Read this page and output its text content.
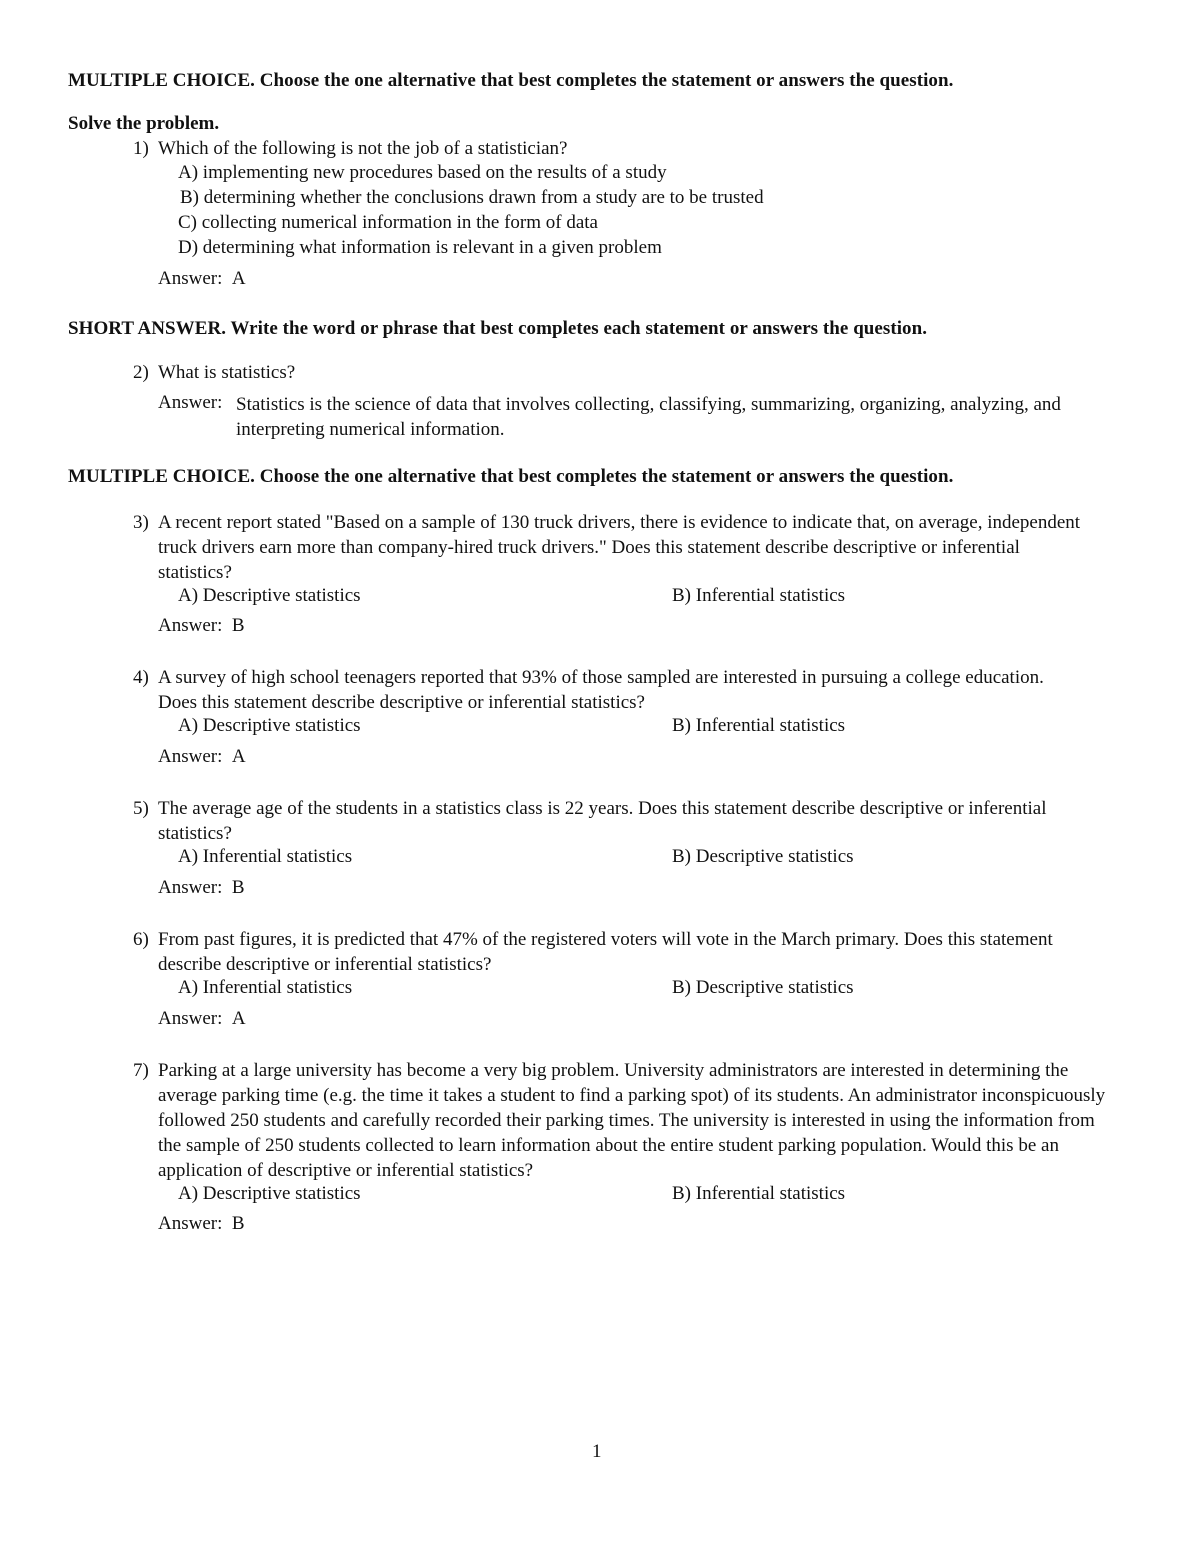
MULTIPLE CHOICE. Choose the one alternative that best completes the statement or answers the question.
Solve the problem.
1) Which of the following is not the job of a statistician?
A) implementing new procedures based on the results of a study
B) determining whether the conclusions drawn from a study are to be trusted
C) collecting numerical information in the form of data
D) determining what information is relevant in a given problem
Answer: A
SHORT ANSWER. Write the word or phrase that best completes each statement or answers the question.
2) What is statistics?
Answer: Statistics is the science of data that involves collecting, classifying, summarizing, organizing, analyzing, and interpreting numerical information.
MULTIPLE CHOICE. Choose the one alternative that best completes the statement or answers the question.
3) A recent report stated "Based on a sample of 130 truck drivers, there is evidence to indicate that, on average, independent truck drivers earn more than company-hired truck drivers." Does this statement describe descriptive or inferential statistics?
A) Descriptive statistics	B) Inferential statistics
Answer: B
4) A survey of high school teenagers reported that 93% of those sampled are interested in pursuing a college education. Does this statement describe descriptive or inferential statistics?
A) Descriptive statistics	B) Inferential statistics
Answer: A
5) The average age of the students in a statistics class is 22 years. Does this statement describe descriptive or inferential statistics?
A) Inferential statistics	B) Descriptive statistics
Answer: B
6) From past figures, it is predicted that 47% of the registered voters will vote in the March primary. Does this statement describe descriptive or inferential statistics?
A) Inferential statistics	B) Descriptive statistics
Answer: A
7) Parking at a large university has become a very big problem. University administrators are interested in determining the average parking time (e.g. the time it takes a student to find a parking spot) of its students. An administrator inconspicuously followed 250 students and carefully recorded their parking times. The university is interested in using the information from the sample of 250 students collected to learn information about the entire student parking population. Would this be an application of descriptive or inferential statistics?
A) Descriptive statistics	B) Inferential statistics
Answer: B
1
